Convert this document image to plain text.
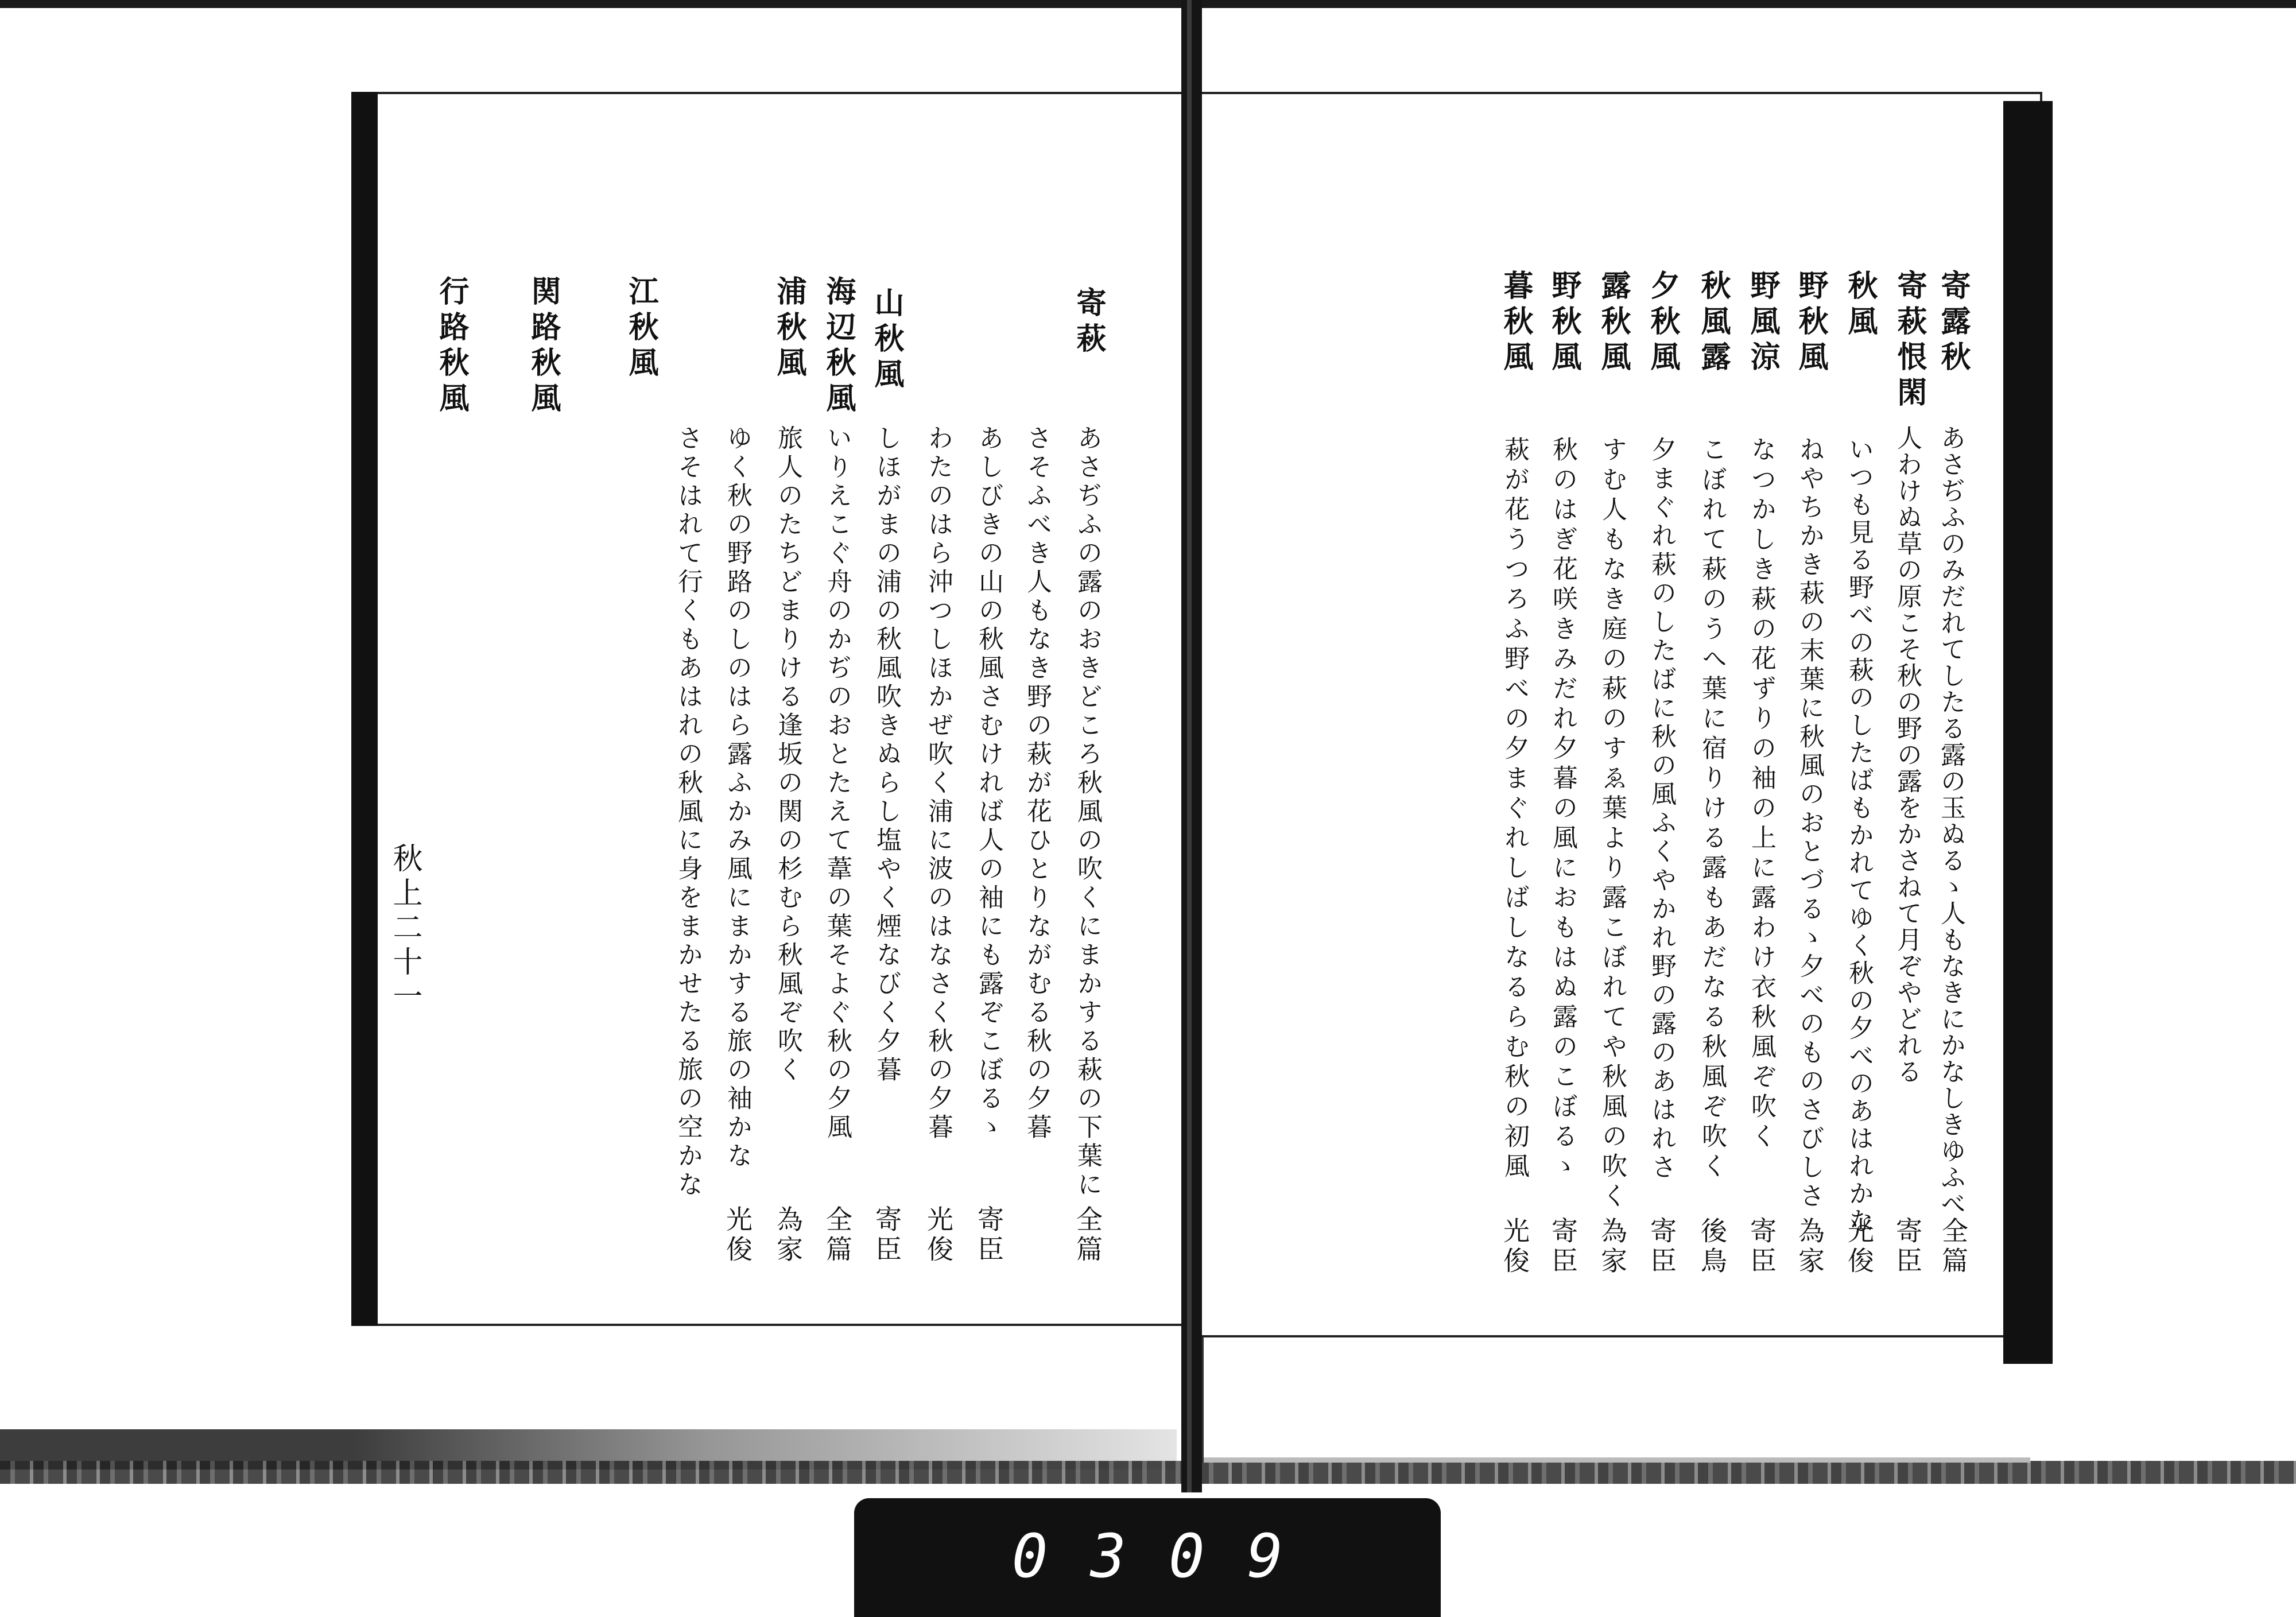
寄露秋
あさぢふのみだれてしたる露の玉ぬるゝ人もなきにかなしきゆふべ
全篇
人わけぬ草の原こそ秋の野の露をかさねて月ぞやどれる
寄臣
寄萩恨閑
秋風
いつも見る野べの萩のしたばもかれてゆく秋の夕べのあはれかな
光俊
野秋風
ねやちかき萩の末葉に秋風のおとづるゝ夕べのものさびしさ
為家
野風涼
なつかしき萩の花ずりの袖の上に露わけ衣秋風ぞ吹く
寄臣
秋風露
こぼれて萩のうへ葉に宿りける露もあだなる秋風ぞ吹く
後鳥
夕秋風
夕まぐれ萩のしたばに秋の風ふくやかれ野の露のあはれさ
寄臣
露秋風
すむ人もなき庭の萩のすゑ葉より露こぼれてや秋風の吹く
為家
野秋風
秋のはぎ花咲きみだれ夕暮の風におもはぬ露のこぼるゝ
寄臣
暮秋風
萩が花うつろふ野べの夕まぐれしばしなるらむ秋の初風
光俊
寄萩
あさぢふの露のおきどころ秋風の吹くにまかする萩の下葉に
全篇
さそふべき人もなき野の萩が花ひとりながむる秋の夕暮
山秋風
あしびきの山の秋風さむければ人の袖にも露ぞこぼるゝ
寄臣
海辺秋風
わたのはら沖つしほかぜ吹く浦に波のはなさく秋の夕暮
光俊
浦秋風
しほがまの浦の秋風吹きぬらし塩やく煙なびく夕暮
寄臣
江秋風
いりえこぐ舟のかぢのおとたえて葦の葉そよぐ秋の夕風
全篇
関路秋風
旅人のたちどまりける逢坂の関の杉むら秋風ぞ吹く
為家
行路秋風
ゆく秋の野路のしのはら露ふかみ風にまかする旅の袖かな
光俊
さそはれて行くもあはれの秋風に身をまかせたる旅の空かな
秋上二十一
0309
